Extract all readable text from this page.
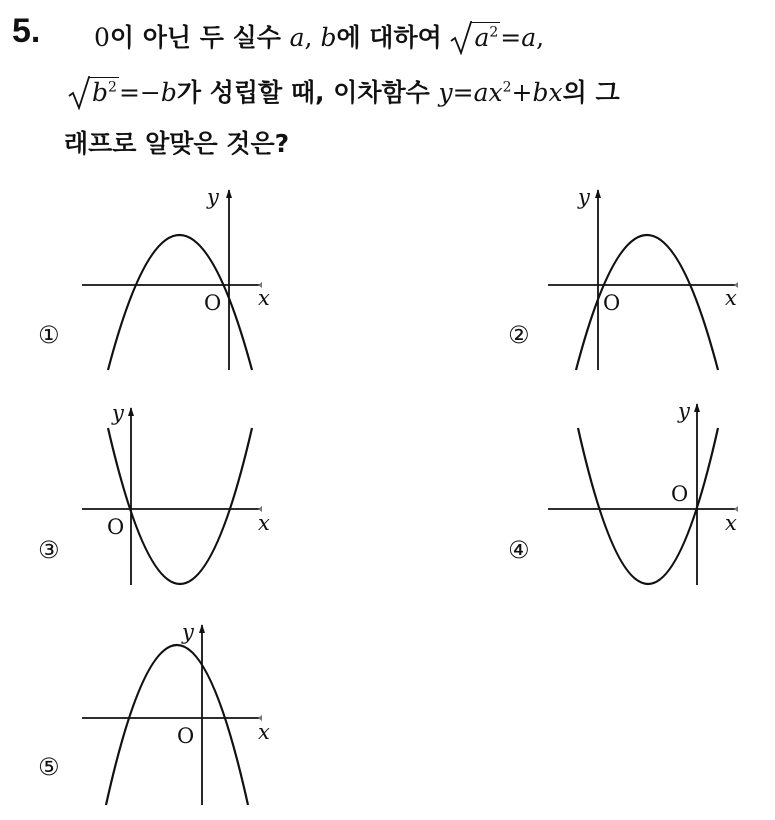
5. 0이 아닌 두 실수 a, b에 대하여
$a^2=a$,
$b^2=-b$가 성립할 때, 이차함수 $y=ax^2+bx$의 그
래프로 알맞은 것은?
y
x
O
①
y
x
O
②
y
x
O
③
y
x
O
④
y
x
O
⑤
